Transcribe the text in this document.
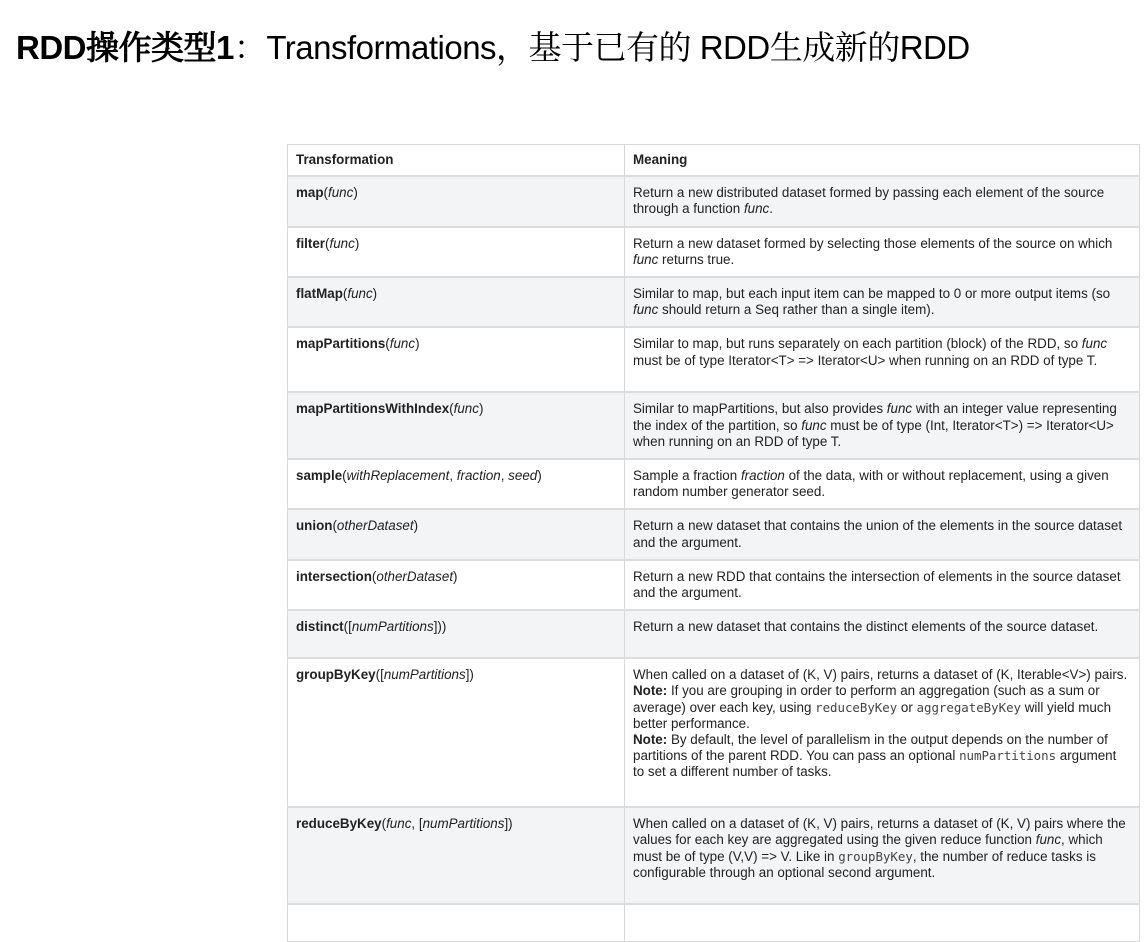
RDD操作类型1：Transformations，基于已有的 RDD生成新的RDD
Transformation	Meaning
map(func)	Return a new distributed dataset formed by passing each element of the source through a function func.
filter(func)	Return a new dataset formed by selecting those elements of the source on which func returns true.
flatMap(func)	Similar to map, but each input item can be mapped to 0 or more output items (so func should return a Seq rather than a single item).
mapPartitions(func)	Similar to map, but runs separately on each partition (block) of the RDD, so func must be of type Iterator<T> => Iterator<U> when running on an RDD of type T.
mapPartitionsWithIndex(func)	Similar to mapPartitions, but also provides func with an integer value representing the index of the partition, so func must be of type (Int, Iterator<T>) => Iterator<U> when running on an RDD of type T.
sample(withReplacement, fraction, seed)	Sample a fraction fraction of the data, with or without replacement, using a given random number generator seed.
union(otherDataset)	Return a new dataset that contains the union of the elements in the source dataset and the argument.
intersection(otherDataset)	Return a new RDD that contains the intersection of elements in the source dataset and the argument.
distinct([numPartitions]))	Return a new dataset that contains the distinct elements of the source dataset.
groupByKey([numPartitions])	When called on a dataset of (K, V) pairs, returns a dataset of (K, Iterable<V>) pairs.
Note: If you are grouping in order to perform an aggregation (such as a sum or average) over each key, using reduceByKey or aggregateByKey will yield much better performance.
Note: By default, the level of parallelism in the output depends on the number of partitions of the parent RDD. You can pass an optional numPartitions argument to set a different number of tasks.
reduceByKey(func, [numPartitions])	When called on a dataset of (K, V) pairs, returns a dataset of (K, V) pairs where the values for each key are aggregated using the given reduce function func, which must be of type (V,V) => V. Like in groupByKey, the number of reduce tasks is configurable through an optional second argument.
